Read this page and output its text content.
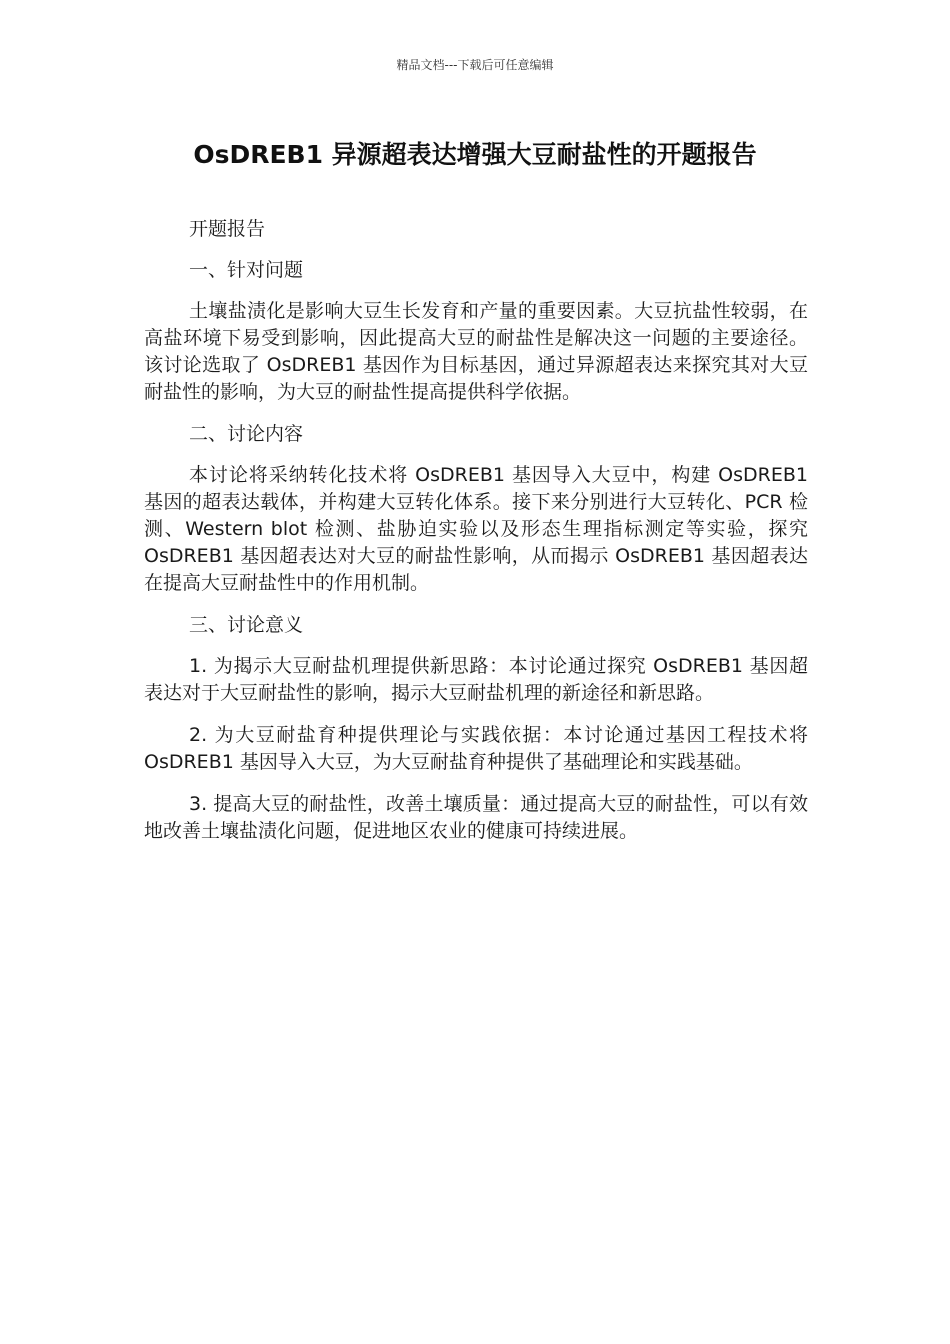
精品文档---下载后可任意编辑
OsDREB1 异源超表达增强大豆耐盐性的开题报告

开题报告

一、针对问题

土壤盐渍化是影响大豆生长发育和产量的重要因素。大豆抗盐性较弱，在高盐环境下易受到影响，因此提高大豆的耐盐性是解决这一问题的主要途径。该讨论选取了 OsDREB1 基因作为目标基因，通过异源超表达来探究其对大豆耐盐性的影响，为大豆的耐盐性提高提供科学依据。

二、讨论内容

本讨论将采纳转化技术将 OsDREB1 基因导入大豆中，构建 OsDREB1 基因的超表达载体，并构建大豆转化体系。接下来分别进行大豆转化、PCR 检测、Western blot 检测、盐胁迫实验以及形态生理指标测定等实验，探究 OsDREB1 基因超表达对大豆的耐盐性影响，从而揭示 OsDREB1 基因超表达在提高大豆耐盐性中的作用机制。

三、讨论意义

1. 为揭示大豆耐盐机理提供新思路：本讨论通过探究 OsDREB1 基因超表达对于大豆耐盐性的影响，揭示大豆耐盐机理的新途径和新思路。

2. 为大豆耐盐育种提供理论与实践依据：本讨论通过基因工程技术将 OsDREB1 基因导入大豆，为大豆耐盐育种提供了基础理论和实践基础。

3. 提高大豆的耐盐性，改善土壤质量：通过提高大豆的耐盐性，可以有效地改善土壤盐渍化问题，促进地区农业的健康可持续进展。
